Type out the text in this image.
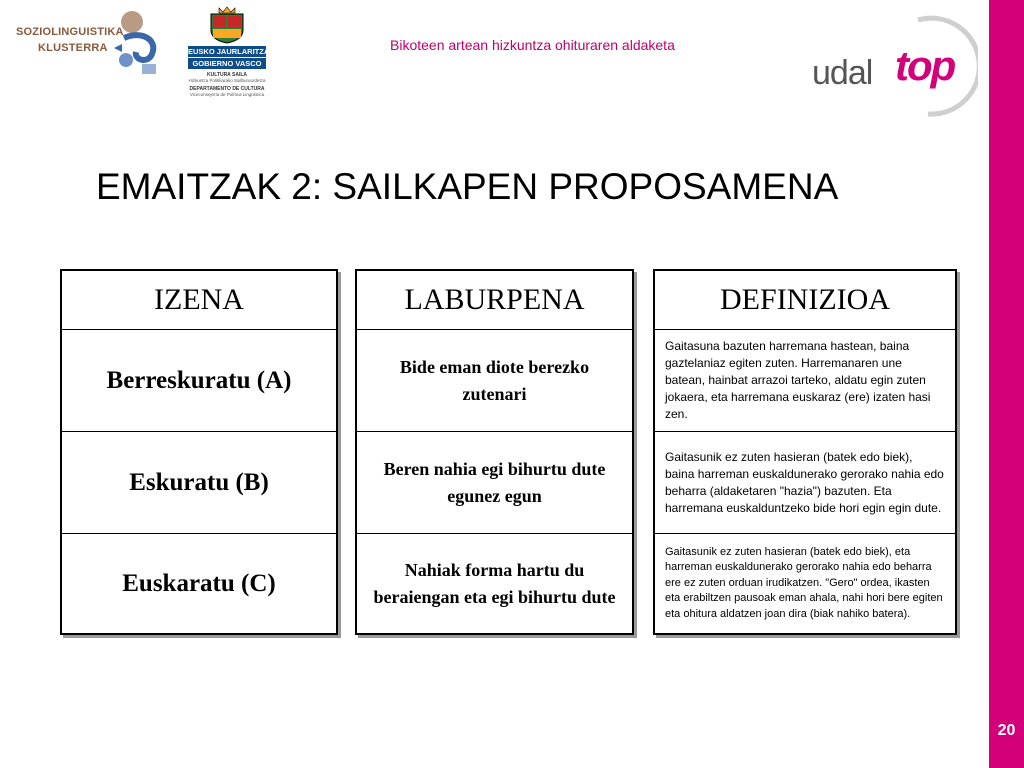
20
SOZIOLINGUISTIKA
KLUSTERRA	EUSKO JAURLARITZA
GOBIERNO VASCO
KULTURA SAILA
Hizkuntza Politikarako Sailburuordetza
DEPARTAMENTO DE CULTURA
Viceconsejería de Política Lingüística
Bikoteen artean hizkuntza ohituraren aldaketa
udal top
EMAITZAK 2: SAILKAPEN PROPOSAMENA
IZENA
Berreskuratu (A)
Eskuratu (B)
Euskaratu (C)
LABURPENA
Bide eman diote berezko zutenari
Beren nahia egi bihurtu dute egunez egun
Nahiak forma hartu du beraiengan eta egi bihurtu dute
DEFINIZIOA
Gaitasuna bazuten harremana hastean, baina gaztelaniaz egiten zuten. Harremanaren une batean, hainbat arrazoi tarteko, aldatu egin zuten jokaera, eta harremana euskaraz (ere) izaten hasi zen.
Gaitasunik ez zuten hasieran (batek edo biek), baina harreman euskaldunerako gerorako nahia edo beharra (aldaketaren "hazia") bazuten. Eta harremana euskalduntzeko bide hori egin egin dute.
Gaitasunik ez zuten hasieran (batek edo biek), eta harreman euskaldunerako gerorako nahia edo beharra ere ez zuten orduan irudikatzen. "Gero" ordea, ikasten eta erabiltzen pausoak eman ahala, nahi hori bere egiten eta ohitura aldatzen joan dira (biak nahiko batera).
